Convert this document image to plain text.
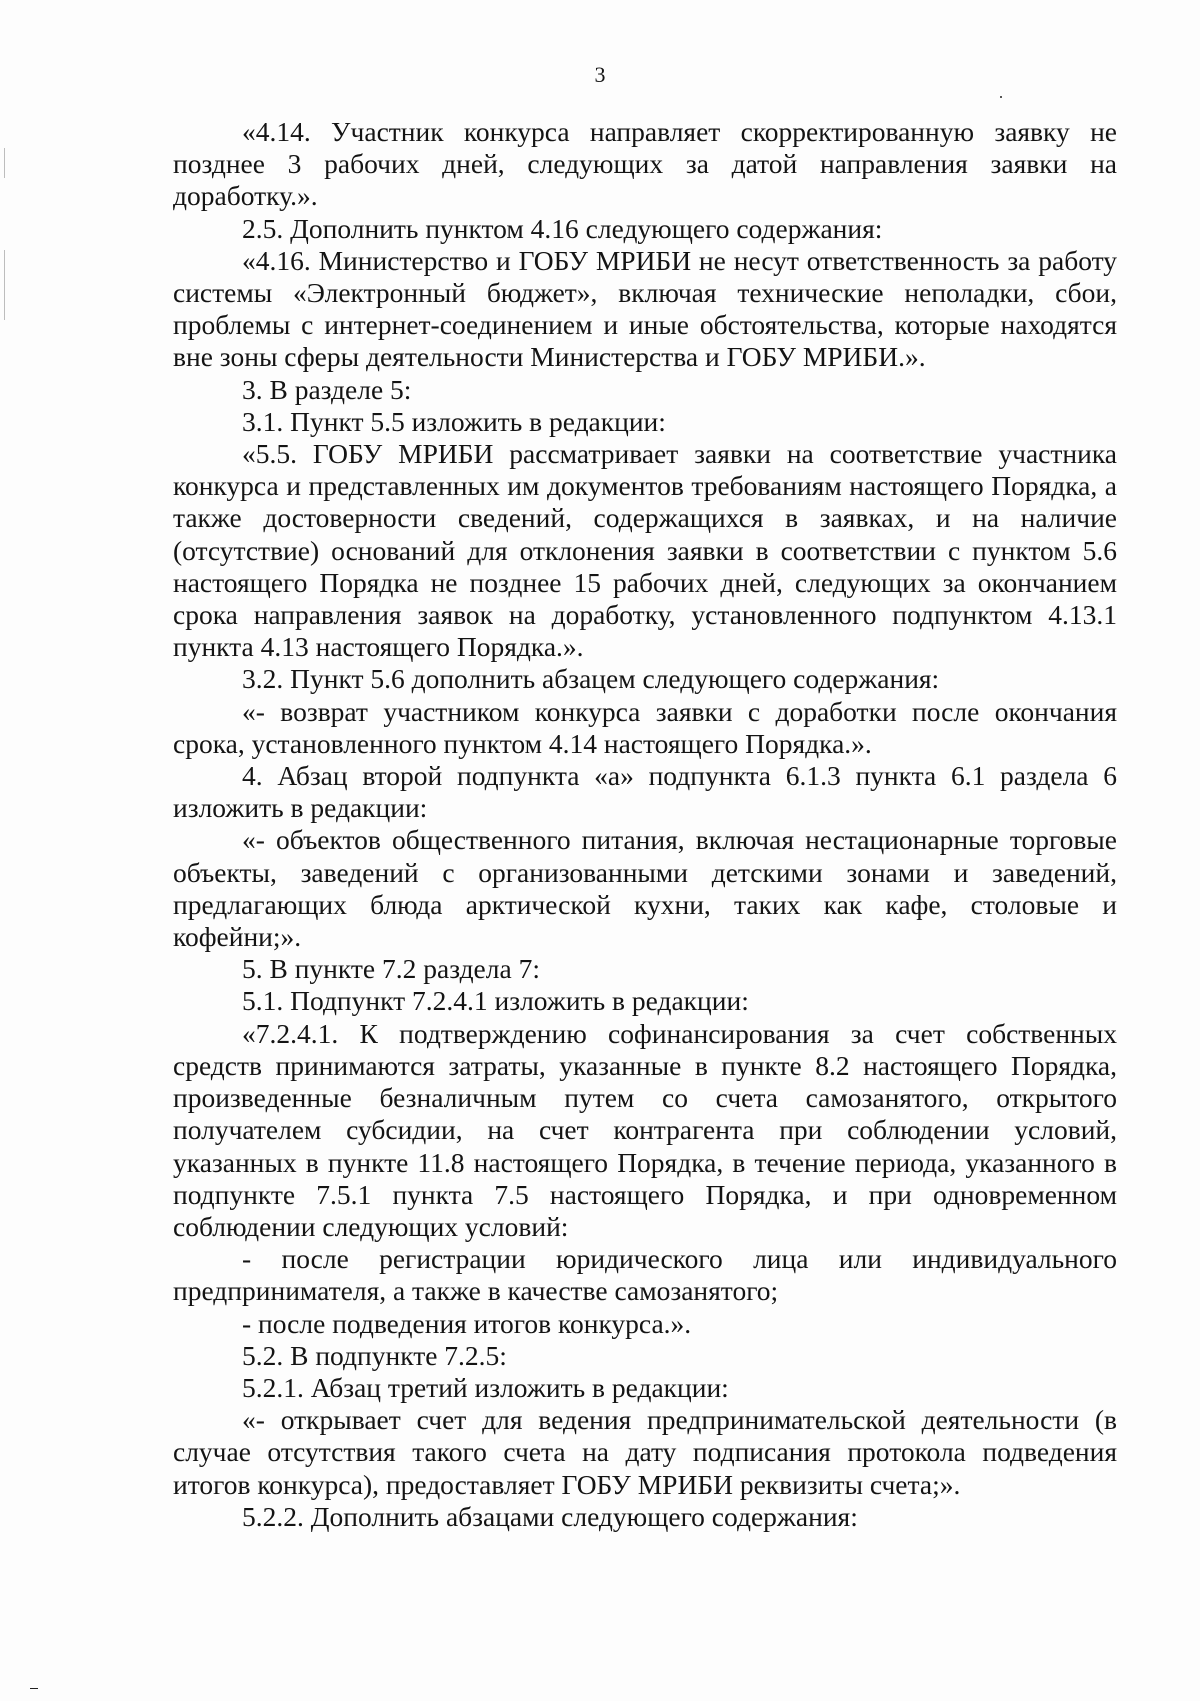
3

«4.14. Участник конкурса направляет скорректированную заявку не позднее 3 рабочих дней, следующих за датой направления заявки на доработку.».

2.5. Дополнить пунктом 4.16 следующего содержания:

«4.16. Министерство и ГОБУ МРИБИ не несут ответственность за работу системы «Электронный бюджет», включая технические неполадки, сбои, проблемы с интернет-соединением и иные обстоятельства, которые находятся вне зоны сферы деятельности Министерства и ГОБУ МРИБИ.».

3. В разделе 5:

3.1. Пункт 5.5 изложить в редакции:

«5.5. ГОБУ МРИБИ рассматривает заявки на соответствие участника конкурса и представленных им документов требованиям настоящего Порядка, а также достоверности сведений, содержащихся в заявках, и на наличие (отсутствие) оснований для отклонения заявки в соответствии с пунктом 5.6 настоящего Порядка не позднее 15 рабочих дней, следующих за окончанием срока направления заявок на доработку, установленного подпунктом 4.13.1 пункта 4.13 настоящего Порядка.».

3.2. Пункт 5.6 дополнить абзацем следующего содержания:

«- возврат участником конкурса заявки с доработки после окончания срока, установленного пунктом 4.14 настоящего Порядка.».

4. Абзац второй подпункта «а» подпункта 6.1.3 пункта 6.1 раздела 6 изложить в редакции:

«- объектов общественного питания, включая нестационарные торговые объекты, заведений с организованными детскими зонами и заведений, предлагающих блюда арктической кухни, таких как кафе, столовые и кофейни;».

5. В пункте 7.2 раздела 7:

5.1. Подпункт 7.2.4.1 изложить в редакции:

«7.2.4.1. К подтверждению софинансирования за счет собственных средств принимаются затраты, указанные в пункте 8.2 настоящего Порядка, произведенные безналичным путем со счета самозанятого, открытого получателем субсидии, на счет контрагента при соблюдении условий, указанных в пункте 11.8 настоящего Порядка, в течение периода, указанного в подпункте 7.5.1 пункта 7.5 настоящего Порядка, и при одновременном соблюдении следующих условий:

- после регистрации юридического лица или индивидуального предпринимателя, а также в качестве самозанятого;

- после подведения итогов конкурса.».

5.2. В подпункте 7.2.5:

5.2.1. Абзац третий изложить в редакции:

«- открывает счет для ведения предпринимательской деятельности (в случае отсутствия такого счета на дату подписания протокола подведения итогов конкурса), предоставляет ГОБУ МРИБИ реквизиты счета;».

5.2.2. Дополнить абзацами следующего содержания:
